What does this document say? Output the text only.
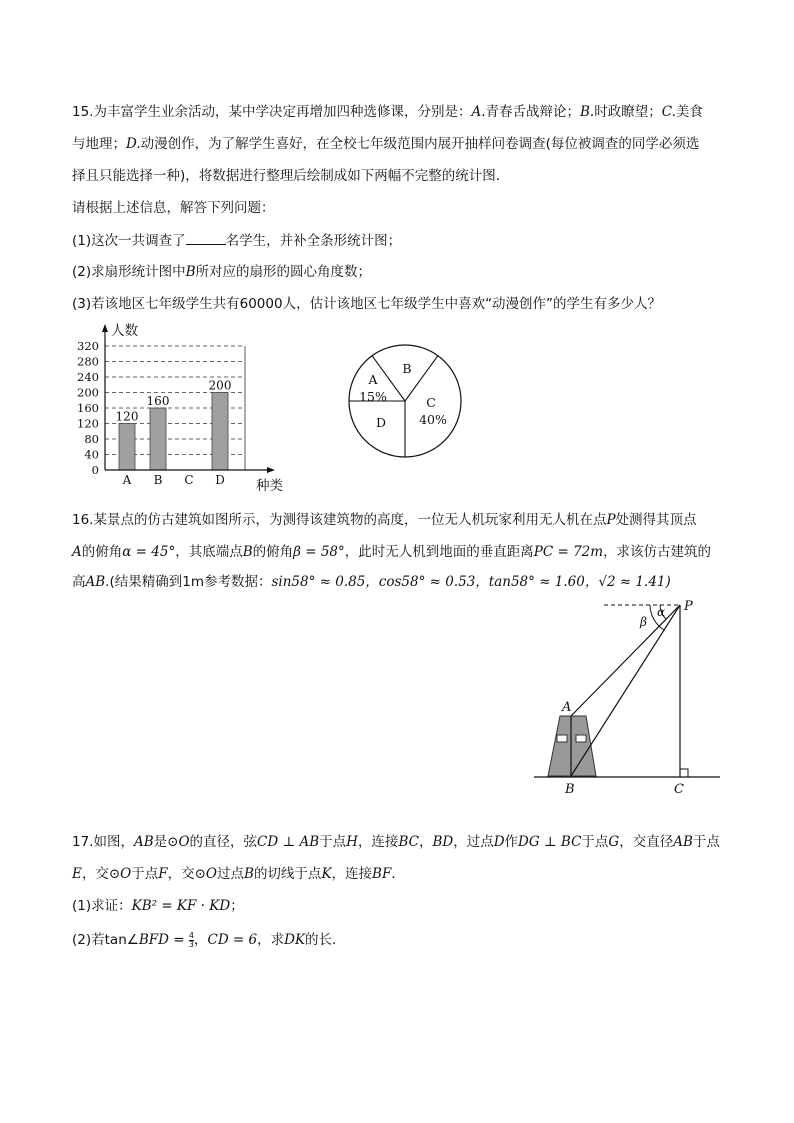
15.为丰富学生业余活动，某中学决定再增加四种选修课，分别是：A.青春舌战辩论；B.时政瞭望；C.美食
与地理；D.动漫创作，为了解学生喜好，在全校七年级范围内展开抽样问卷调查(每位被调查的同学必须选
择且只能选择一种)，将数据进行整理后绘制成如下两幅不完整的统计图．
请根据上述信息，解答下列问题：
(1)这次一共调查了	名学生，并补全条形统计图；
(2)求扇形统计图中B所对应的扇形的圆心角度数；
(3)若该地区七年级学生共有60000人，估计该地区七年级学生中喜欢“动漫创作”的学生有多少人？
120
160
200
0
40
80
120
160
200
240
280
320
A B C D
人数
种类
A
15%
B
C
40%
D
16.某景点的仿古建筑如图所示，为测得该建筑物的高度，一位无人机玩家利用无人机在点P处测得其顶点
A的俯角α = 45°，其底端点B的俯角β = 58°，此时无人机到地面的垂直距离PC = 72m，求该仿古建筑的
高AB.(结果精确到1m参考数据：sin58° ≈ 0.85，cos58° ≈ 0.53，tan58° ≈ 1.60，√2 ≈ 1.41)
α
β
P
A
B	C
17.如图，AB是⊙O的直径，弦CD ⊥ AB于点H，连接BC，BD，过点D作DG ⊥ BC于点G，交直径AB于点
E，交⊙O于点F，交⊙O过点B的切线于点K，连接BF．
(1)求证：KB² = KF · KD；
(2)若tan∠BFD = $\frac{4}{3}$ ，CD = 6，求DK的长．
